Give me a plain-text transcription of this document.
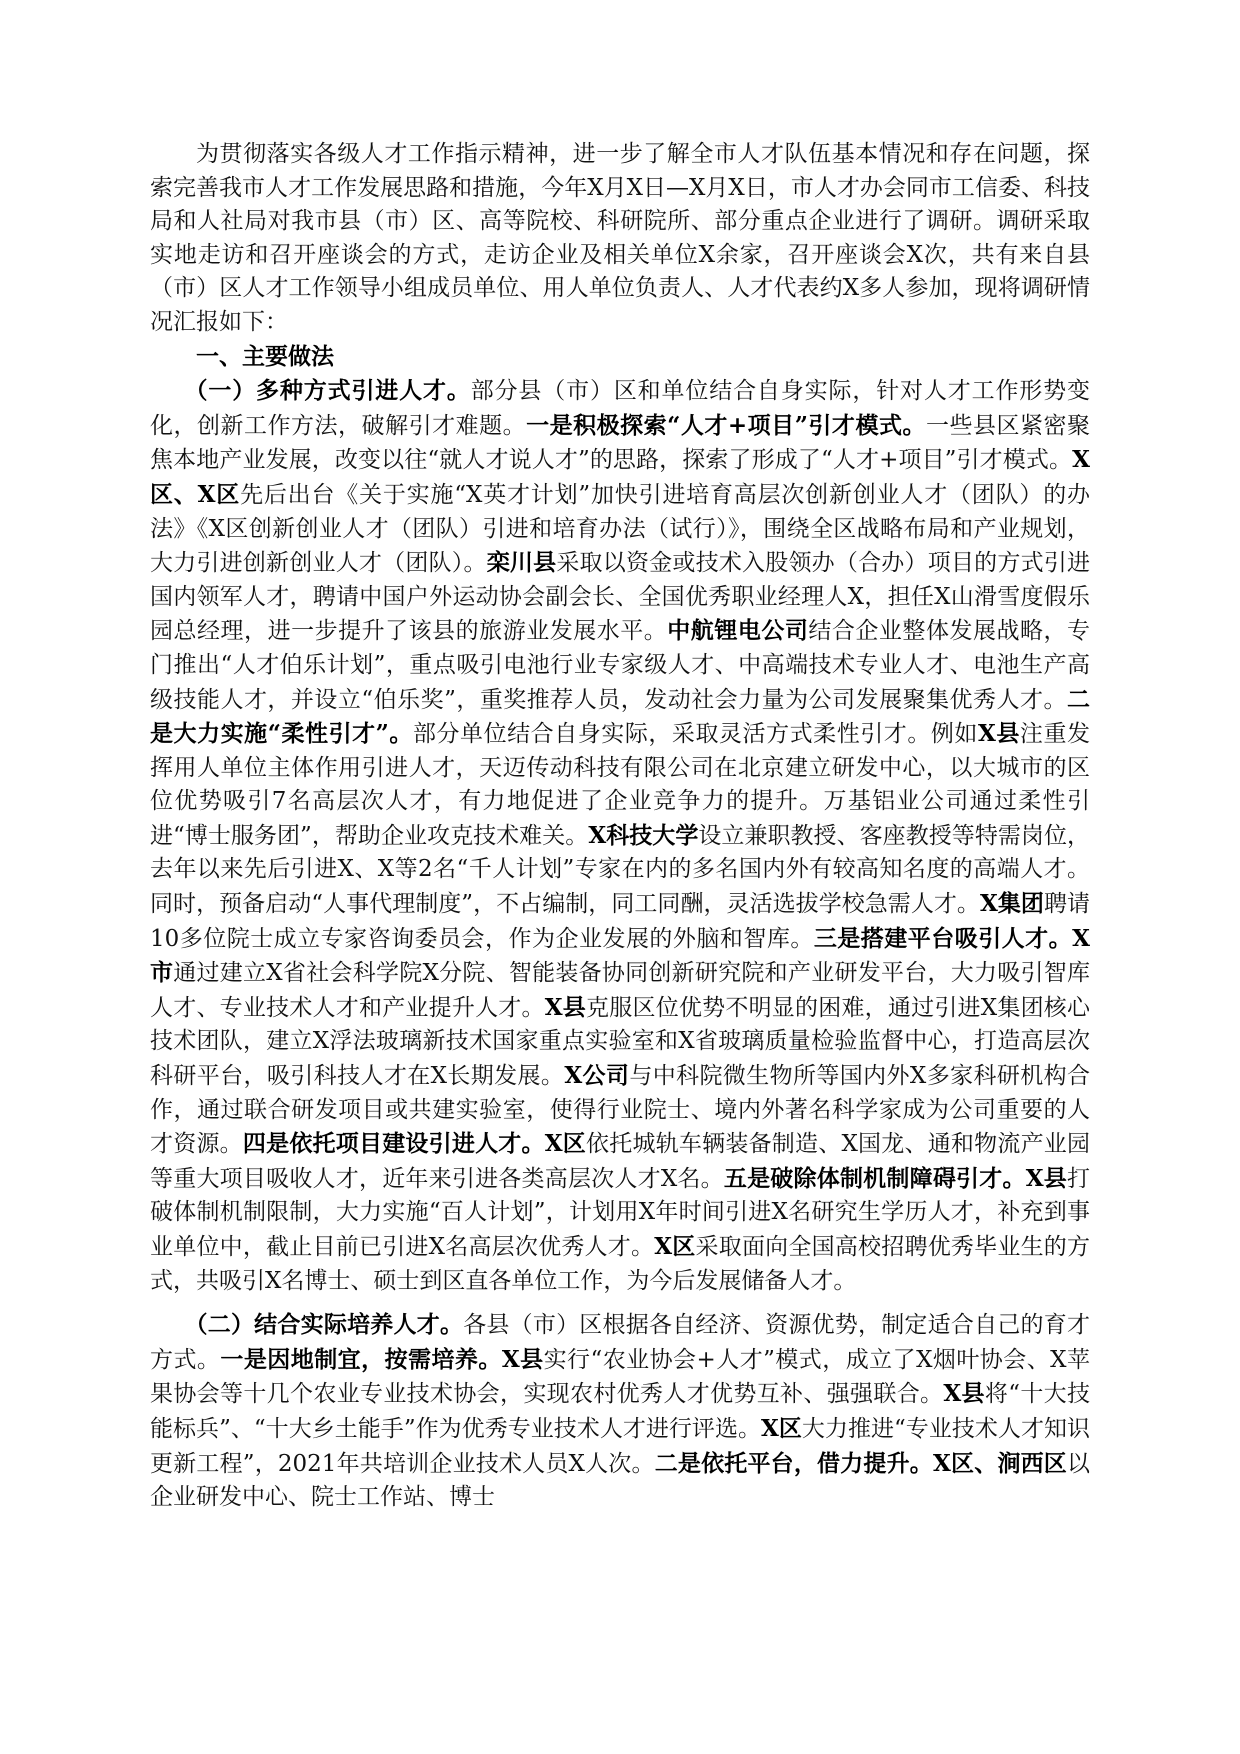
为贯彻落实各级人才工作指示精神，进一步了解全市人才队伍基本情况和存在问题，探索完善我市人才工作发展思路和措施，今年X月X日—X月X日，市人才办会同市工信委、科技局和人社局对我市县（市）区、高等院校、科研院所、部分重点企业进行了调研。调研采取实地走访和召开座谈会的方式，走访企业及相关单位X余家，召开座谈会X次，共有来自县（市）区人才工作领导小组成员单位、用人单位负责人、人才代表约X多人参加，现将调研情况汇报如下：

一、主要做法

（一）多种方式引进人才。部分县（市）区和单位结合自身实际，针对人才工作形势变化，创新工作方法，破解引才难题。一是积极探索“人才+项目”引才模式。一些县区紧密聚焦本地产业发展，改变以往“就人才说人才”的思路，探索了形成了“人才+项目”引才模式。X区、X区先后出台《关于实施“X英才计划”加快引进培育高层次创新创业人才（团队）的办法》《X区创新创业人才（团队）引进和培育办法（试行）》，围绕全区战略布局和产业规划，大力引进创新创业人才（团队）。栾川县采取以资金或技术入股领办（合办）项目的方式引进国内领军人才，聘请中国户外运动协会副会长、全国优秀职业经理人X，担任X山滑雪度假乐园总经理，进一步提升了该县的旅游业发展水平。中航锂电公司结合企业整体发展战略，专门推出“人才伯乐计划”，重点吸引电池行业专家级人才、中高端技术专业人才、电池生产高级技能人才，并设立“伯乐奖”，重奖推荐人员，发动社会力量为公司发展聚集优秀人才。二是大力实施“柔性引才”。部分单位结合自身实际，采取灵活方式柔性引才。例如X县注重发挥用人单位主体作用引进人才，天迈传动科技有限公司在北京建立研发中心，以大城市的区位优势吸引7名高层次人才，有力地促进了企业竞争力的提升。万基铝业公司通过柔性引进“博士服务团”，帮助企业攻克技术难关。X科技大学设立兼职教授、客座教授等特需岗位，去年以来先后引进X、X等2名“千人计划”专家在内的多名国内外有较高知名度的高端人才。同时，预备启动“人事代理制度”，不占编制，同工同酬，灵活选拔学校急需人才。X集团聘请10多位院士成立专家咨询委员会，作为企业发展的外脑和智库。三是搭建平台吸引人才。X市通过建立X省社会科学院X分院、智能装备协同创新研究院和产业研发平台，大力吸引智库人才、专业技术人才和产业提升人才。X县克服区位优势不明显的困难，通过引进X集团核心技术团队，建立X浮法玻璃新技术国家重点实验室和X省玻璃质量检验监督中心，打造高层次科研平台，吸引科技人才在X长期发展。X公司与中科院微生物所等国内外X多家科研机构合作，通过联合研发项目或共建实验室，使得行业院士、境内外著名科学家成为公司重要的人才资源。四是依托项目建设引进人才。X区依托城轨车辆装备制造、X国龙、通和物流产业园等重大项目吸收人才，近年来引进各类高层次人才X名。五是破除体制机制障碍引才。X县打破体制机制限制，大力实施“百人计划”，计划用X年时间引进X名研究生学历人才，补充到事业单位中，截止目前已引进X名高层次优秀人才。X区采取面向全国高校招聘优秀毕业生的方式，共吸引X名博士、硕士到区直各单位工作，为今后发展储备人才。

（二）结合实际培养人才。各县（市）区根据各自经济、资源优势，制定适合自己的育才方式。一是因地制宜，按需培养。X县实行“农业协会+人才”模式，成立了X烟叶协会、X苹果协会等十几个农业专业技术协会，实现农村优秀人才优势互补、强强联合。X县将“十大技能标兵”、“十大乡土能手”作为优秀专业技术人才进行评选。X区大力推进“专业技术人才知识更新工程”，2021年共培训企业技术人员X人次。二是依托平台，借力提升。X区、涧西区以企业研发中心、院士工作站、博士
